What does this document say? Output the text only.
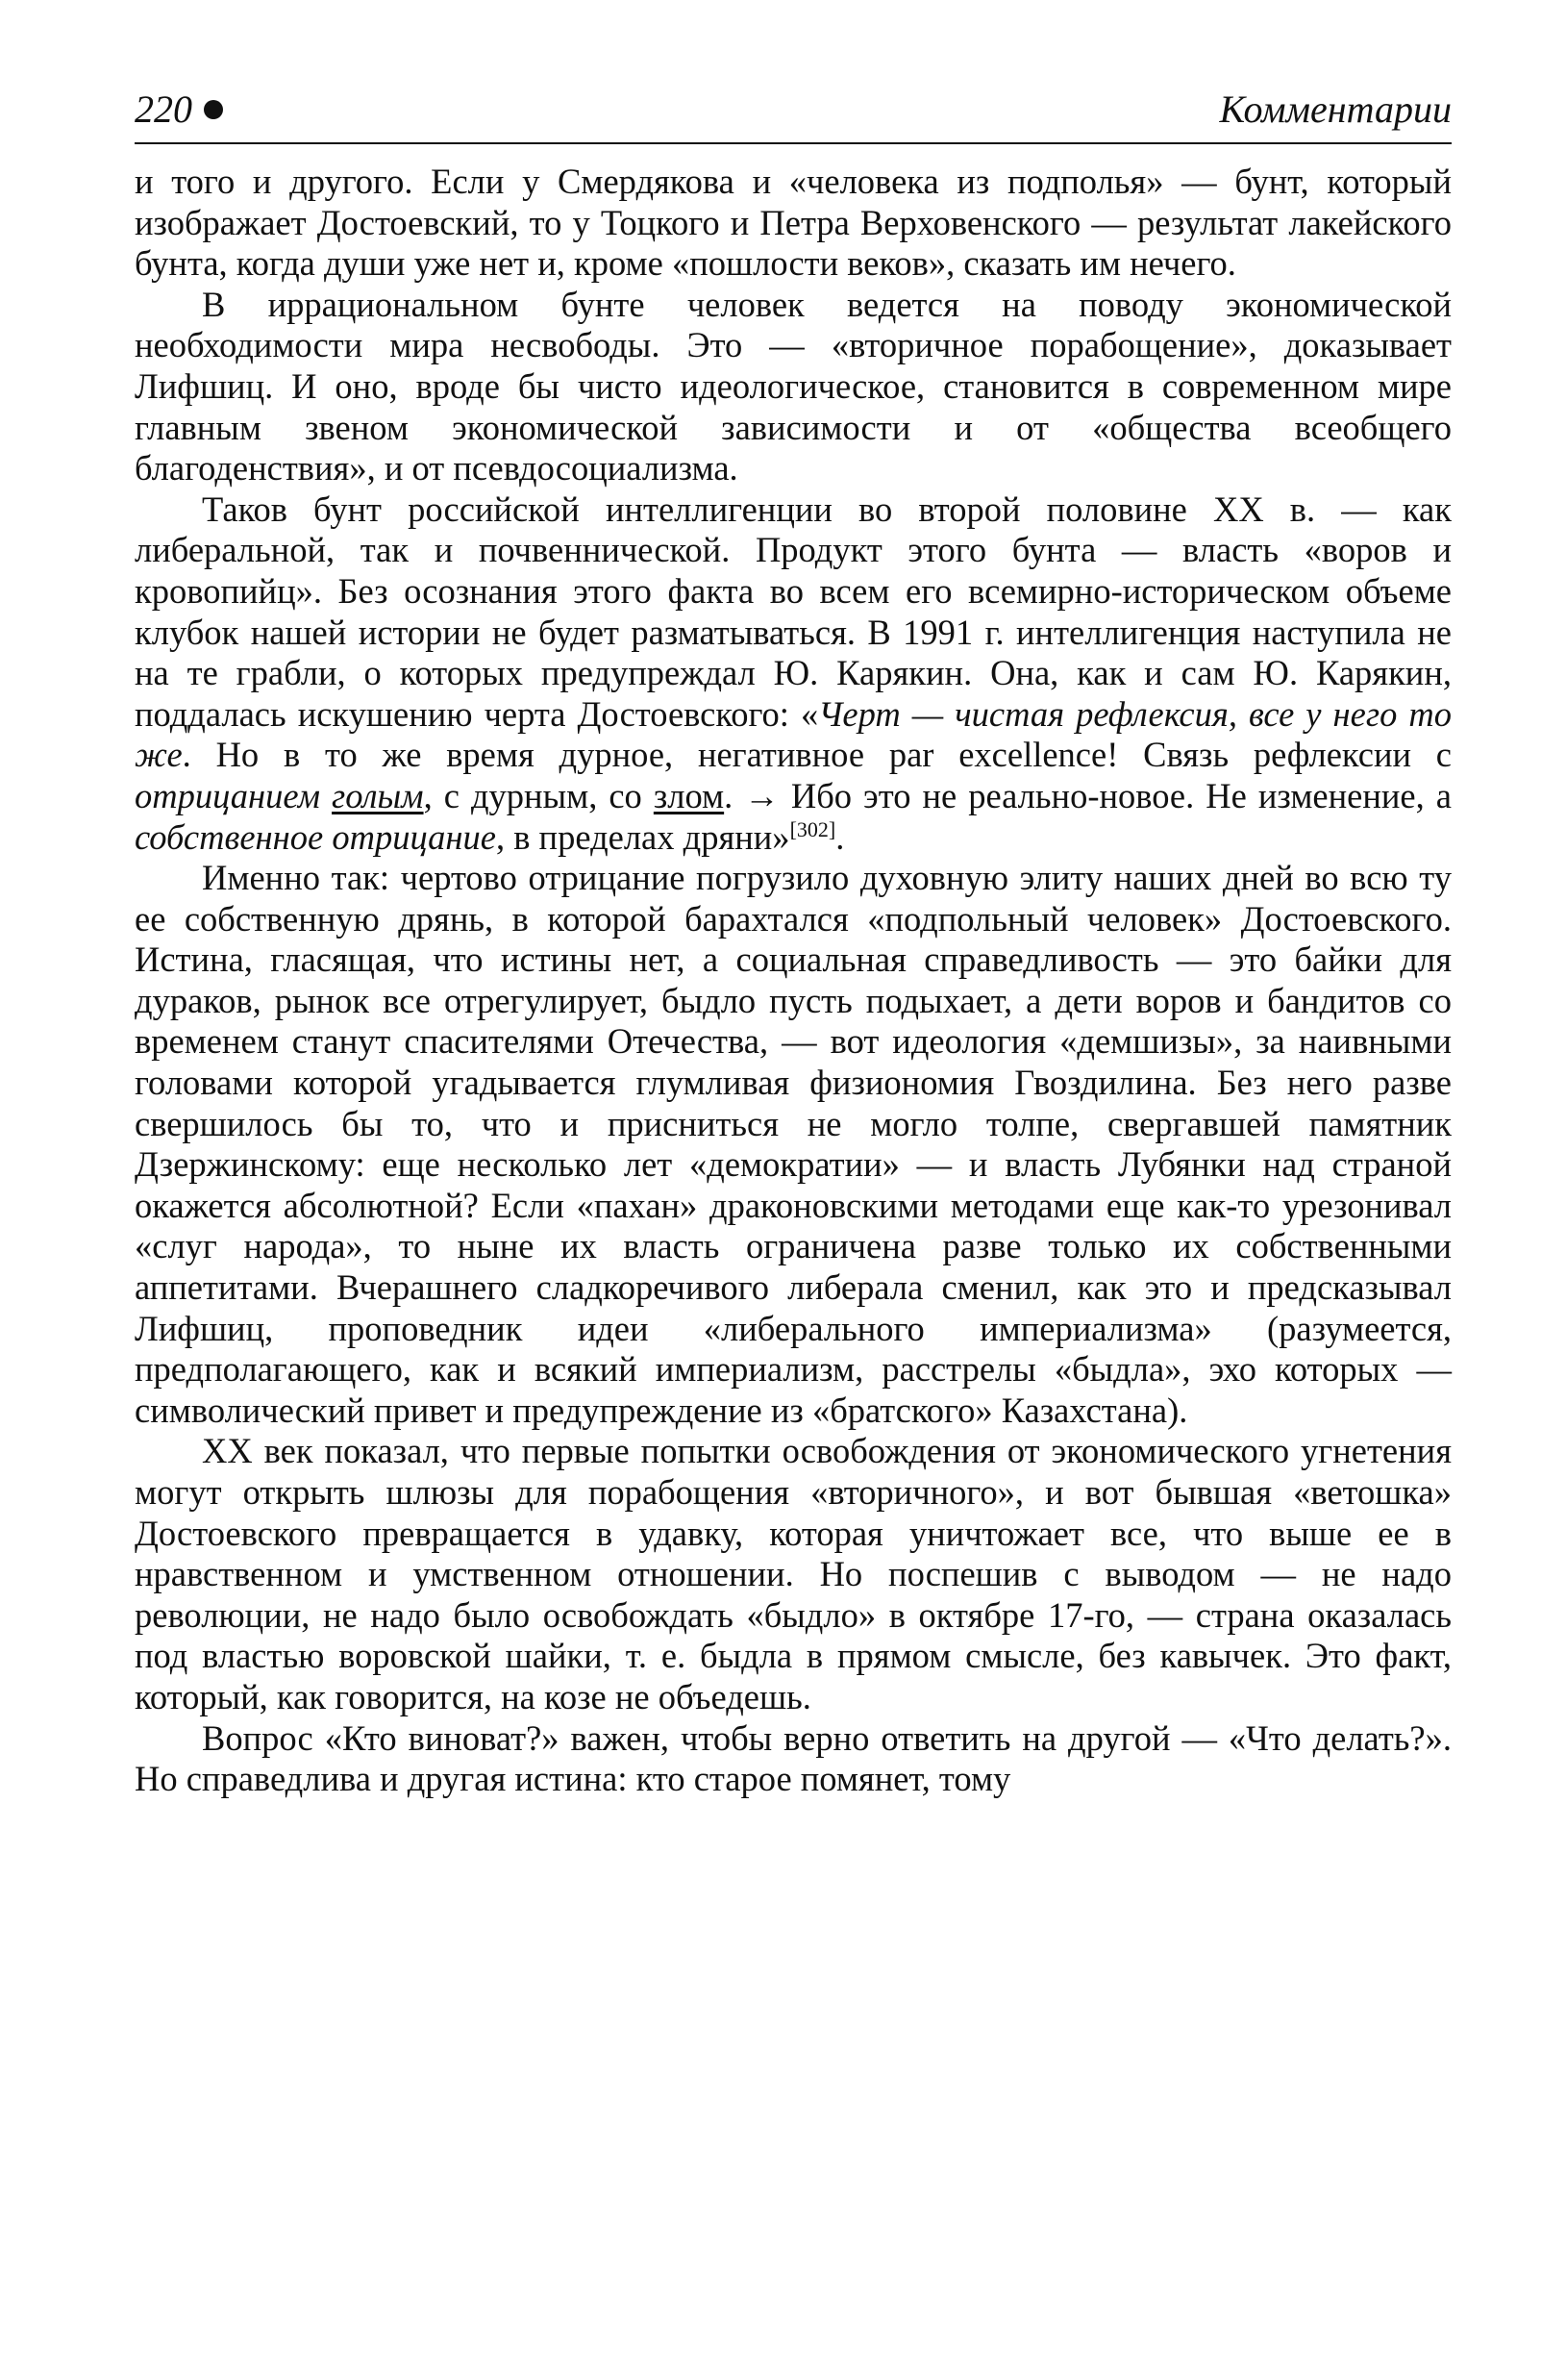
220	Комментарии

и того и другого. Если у Смердякова и «человека из подполья» — бунт, который изображает Достоевский, то у Тоцкого и Петра Верховенского — результат лакейского бунта, когда души уже нет и, кроме «пошлости веков», сказать им нечего.

В иррациональном бунте человек ведется на поводу экономической необходимости мира несвободы. Это — «вторичное порабощение», доказывает Лифшиц. И оно, вроде бы чисто идеологическое, становится в современном мире главным звеном экономической зависимости и от «общества всеобщего благоденствия», и от псевдосоциализма.

Таков бунт российской интеллигенции во второй половине XX в. — как либеральной, так и почвеннической. Продукт этого бунта — власть «воров и кровопийц». Без осознания этого факта во всем его всемирно-историческом объеме клубок нашей истории не будет разматываться. В 1991 г. интеллигенция наступила не на те грабли, о которых предупреждал Ю. Карякин. Она, как и сам Ю. Карякин, поддалась искушению черта Достоевского: «Черт — чистая рефлексия, все у него то же. Но в то же время дурное, негативное par excellence! Связь рефлексии с отрицанием голым, с дурным, со злом. → Ибо это не реально-новое. Не изменение, а собственное отрицание, в пределах дряни»[302].

Именно так: чертово отрицание погрузило духовную элиту наших дней во всю ту ее собственную дрянь, в которой барахтался «подпольный человек» Достоевского. Истина, гласящая, что истины нет, а социальная справедливость — это байки для дураков, рынок все отрегулирует, быдло пусть подыхает, а дети воров и бандитов со временем станут спасителями Отечества, — вот идеология «демшизы», за наивными головами которой угадывается глумливая физиономия Гвоздилина. Без него разве свершилось бы то, что и присниться не могло толпе, свергавшей памятник Дзержинскому: еще несколько лет «демократии» — и власть Лубянки над страной окажется абсолютной? Если «пахан» драконовскими методами еще как-то урезонивал «слуг народа», то ныне их власть ограничена разве только их собственными аппетитами. Вчерашнего сладкоречивого либерала сменил, как это и предсказывал Лифшиц, проповедник идеи «либерального империализма» (разумеется, предполагающего, как и всякий империализм, расстрелы «быдла», эхо которых — символический привет и предупреждение из «братского» Казахстана).

XX век показал, что первые попытки освобождения от экономического угнетения могут открыть шлюзы для порабощения «вторичного», и вот бывшая «ветошка» Достоевского превращается в удавку, которая уничтожает все, что выше ее в нравственном и умственном отношении. Но поспешив с выводом — не надо революции, не надо было освобождать «быдло» в октябре 17-го, — страна оказалась под властью воровской шайки, т. е. быдла в прямом смысле, без кавычек. Это факт, который, как говорится, на козе не объедешь.

Вопрос «Кто виноват?» важен, чтобы верно ответить на другой — «Что делать?». Но справедлива и другая истина: кто старое помянет, тому
